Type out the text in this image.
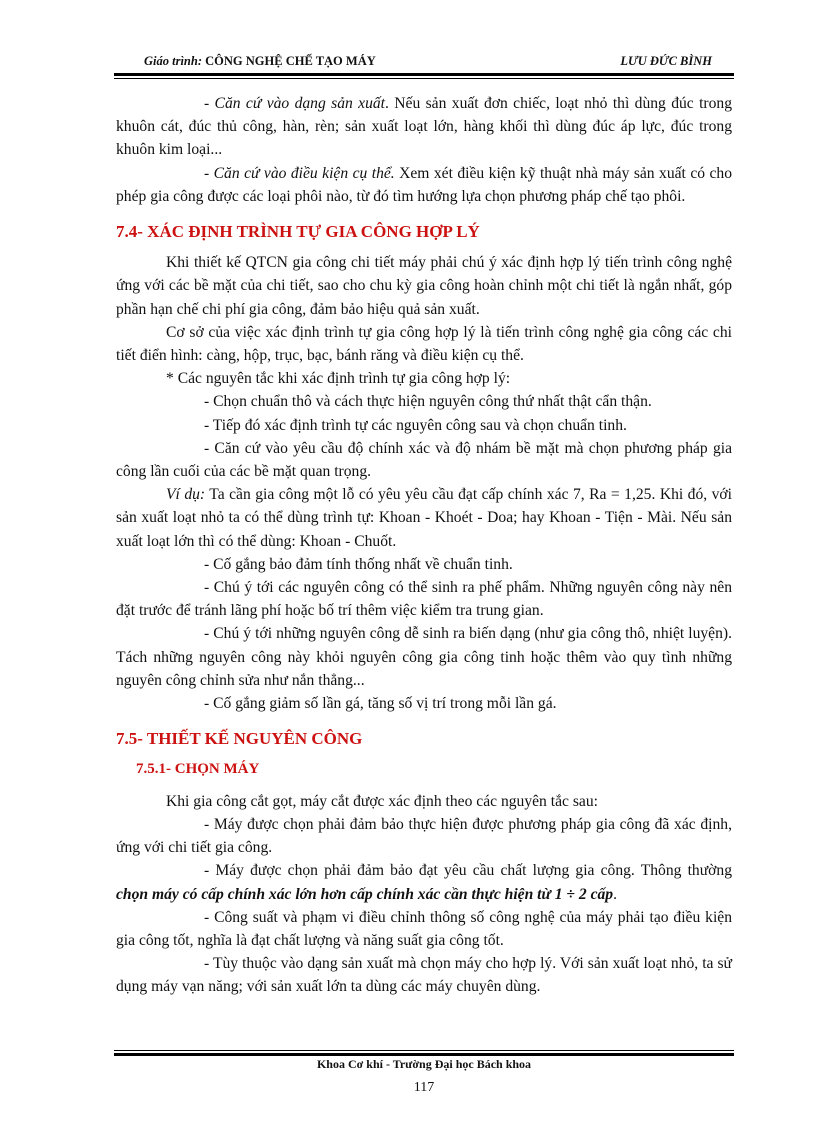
Giáo trình: CÔNG NGHỆ CHẾ TẠO MÁY	LƯU ĐỨC BÌNH

- Căn cứ vào dạng sản xuất. Nếu sản xuất đơn chiếc, loạt nhỏ thì dùng đúc trong khuôn cát, đúc thủ công, hàn, rèn; sản xuất loạt lớn, hàng khối thì dùng đúc áp lực, đúc trong khuôn kim loại...

- Căn cứ vào điều kiện cụ thể. Xem xét điều kiện kỹ thuật nhà máy sản xuất có cho phép gia công được các loại phôi nào, từ đó tìm hướng lựa chọn phương pháp chế tạo phôi.

7.4- XÁC ĐỊNH TRÌNH TỰ GIA CÔNG HỢP LÝ

Khi thiết kế QTCN gia công chi tiết máy phải chú ý xác định hợp lý tiến trình công nghệ ứng với các bề mặt của chi tiết, sao cho chu kỳ gia công hoàn chỉnh một chi tiết là ngắn nhất, góp phần hạn chế chi phí gia công, đảm bảo hiệu quả sản xuất.

Cơ sở của việc xác định trình tự gia công hợp lý là tiến trình công nghệ gia công các chi tiết điển hình: càng, hộp, trục, bạc, bánh răng và điều kiện cụ thể.

* Các nguyên tắc khi xác định trình tự gia công hợp lý:

- Chọn chuẩn thô và cách thực hiện nguyên công thứ nhất thật cẩn thận.

- Tiếp đó xác định trình tự các nguyên công sau và chọn chuẩn tinh.

- Căn cứ vào yêu cầu độ chính xác và độ nhám bề mặt mà chọn phương pháp gia công lần cuối của các bề mặt quan trọng.

Ví dụ: Ta cần gia công một lỗ có yêu yêu cầu đạt cấp chính xác 7, Ra = 1,25. Khi đó, với sản xuất loạt nhỏ ta có thể dùng trình tự: Khoan - Khoét - Doa; hay Khoan - Tiện - Mài. Nếu sản xuất loạt lớn thì có thể dùng: Khoan - Chuốt.

- Cố gắng bảo đảm tính thống nhất về chuẩn tinh.

- Chú ý tới các nguyên công có thể sinh ra phế phẩm. Những nguyên công này nên đặt trước để tránh lãng phí hoặc bố trí thêm việc kiểm tra trung gian.

- Chú ý tới những nguyên công dễ sinh ra biến dạng (như gia công thô, nhiệt luyện). Tách những nguyên công này khỏi nguyên công gia công tinh hoặc thêm vào quy tình những nguyên công chỉnh sửa như nắn thẳng...

- Cố gắng giảm số lần gá, tăng số vị trí trong mỗi lần gá.

7.5- THIẾT KẾ NGUYÊN CÔNG
7.5.1- CHỌN MÁY

Khi gia công cắt gọt, máy cắt được xác định theo các nguyên tắc sau:

- Máy được chọn phải đảm bảo thực hiện được phương pháp gia công đã xác định, ứng với chi tiết gia công.

- Máy được chọn phải đảm bảo đạt yêu cầu chất lượng gia công. Thông thường chọn máy có cấp chính xác lớn hơn cấp chính xác cần thực hiện từ 1 ÷ 2 cấp.

- Công suất và phạm vi điều chỉnh thông số công nghệ của máy phải tạo điều kiện gia công tốt, nghĩa là đạt chất lượng và năng suất gia công tốt.

- Tùy thuộc vào dạng sản xuất mà chọn máy cho hợp lý. Với sản xuất loạt nhỏ, ta sử dụng máy vạn năng; với sản xuất lớn ta dùng các máy chuyên dùng.

Khoa Cơ khí - Trường Đại học Bách khoa
117
